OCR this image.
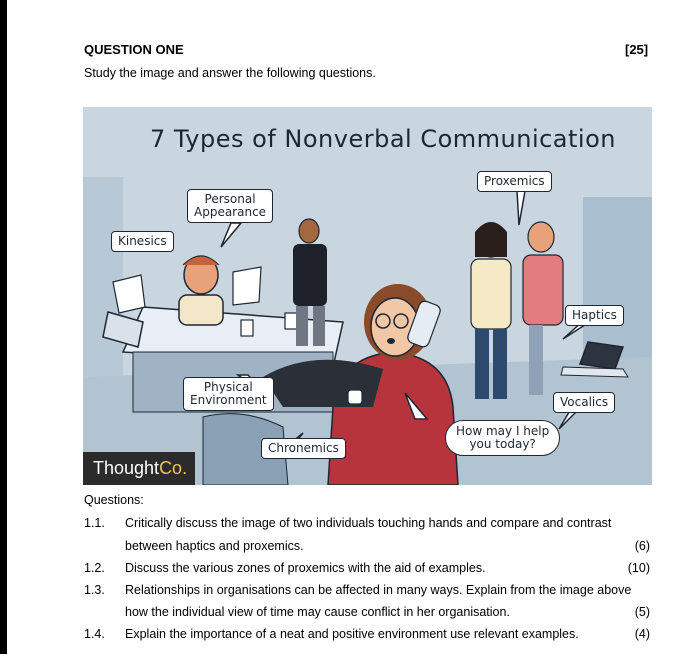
QUESTION ONE	[25]
Study the image and answer the following questions.
7 Types of Nonverbal Communication
Kinesics
Personal
Appearance
Proxemics
Haptics
Physical
Environment	Vocalics
Chronemics
How may I help
you today?
ThoughtCo.
Questions:
1.1. Critically discuss the image of two individuals touching hands and compare and contrast
between haptics and proxemics.	(6)
1.2. Discuss the various zones of proxemics with the aid of examples.	(10)
1.3. Relationships in organisations can be affected in many ways. Explain from the image above
how the individual view of time may cause conflict in her organisation.	(5)
1.4. Explain the importance of a neat and positive environment use relevant examples.	(4)
